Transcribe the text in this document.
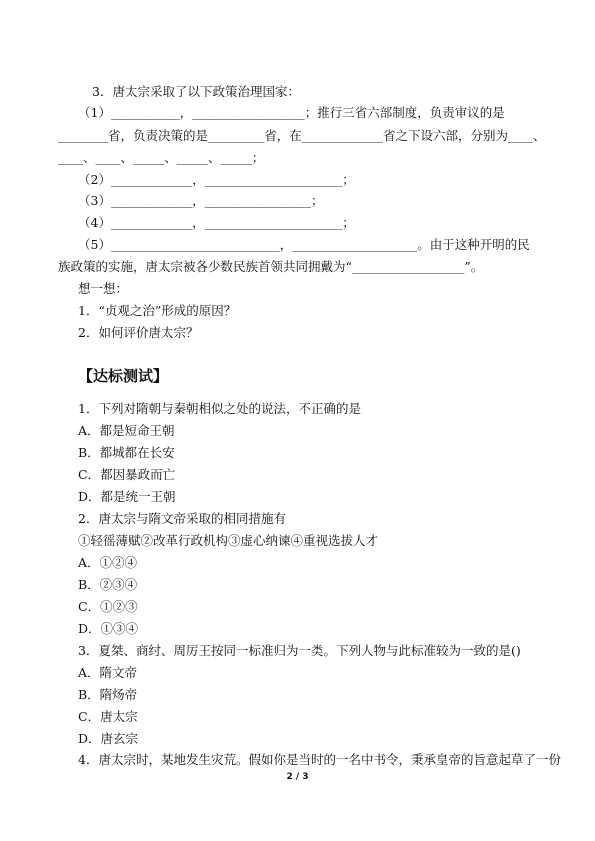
3．唐太宗采取了以下政策治理国家：
（1）___________，__________________；推行三省六部制度，负责审议的是
________省，负责决策的是_________省，在_____________省之下设六部，分别为____、
____、____、_____、_____、_____；
（2）_____________，______________________；
（3）_____________，_________________；
（4）_____________，______________________；
（5）___________________________，____________________。由于这种开明的民
族政策的实施，唐太宗被各少数民族首领共同拥戴为“__________________”。
想一想：
1．“贞观之治”形成的原因？
2．如何评价唐太宗？
【达标测试】
1．下列对隋朝与秦朝相似之处的说法，不正确的是
A．都是短命王朝
B．都城都在长安
C．都因暴政而亡
D．都是统一王朝
2．唐太宗与隋文帝采取的相同措施有
①轻徭薄赋②改革行政机构③虚心纳谏④重视选拔人才
A．①②④
B．②③④
C．①②③
D．①③④
3．夏桀、商纣、周厉王按同一标准归为一类。下列人物与此标准较为一致的是()
A．隋文帝
B．隋炀帝
C．唐太宗
D．唐玄宗
4．唐太宗时，某地发生灾荒。假如你是当时的一名中书令，秉承皇帝的旨意起草了一份
2 / 3
